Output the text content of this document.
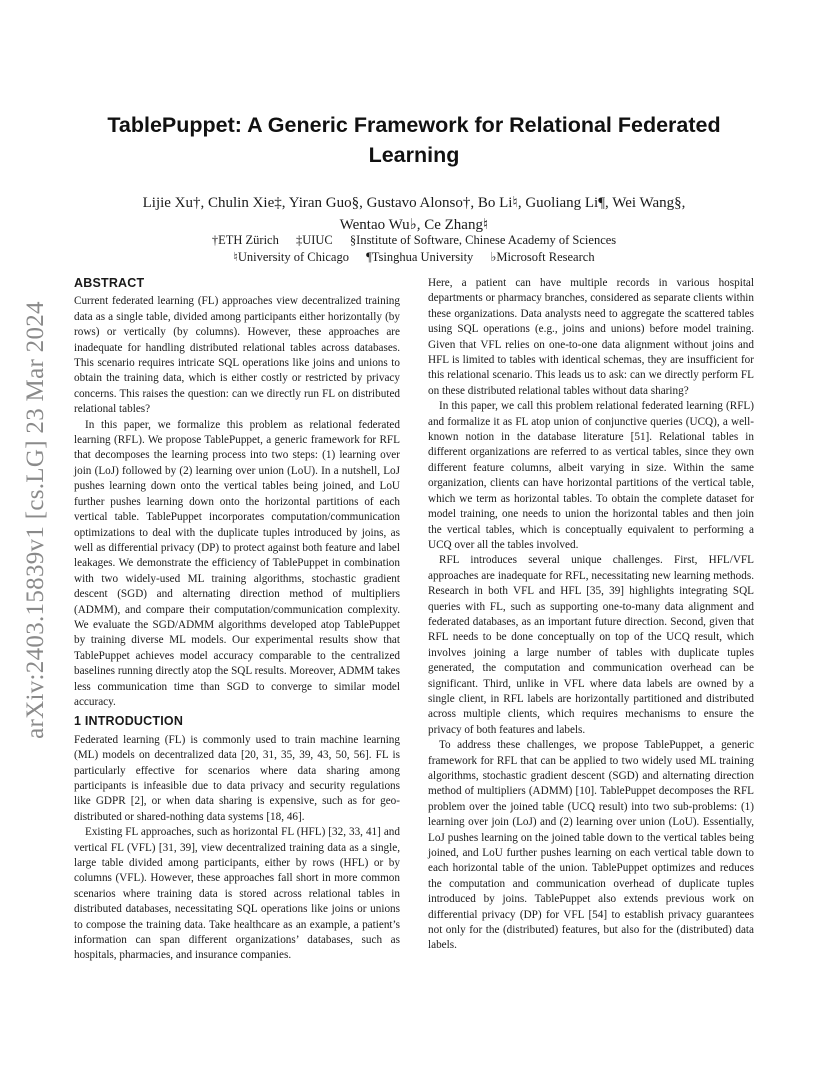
arXiv:2403.15839v1 [cs.LG] 23 Mar 2024
TablePuppet: A Generic Framework for Relational Federated Learning
Lijie Xu†, Chulin Xie‡, Yiran Guo§, Gustavo Alonso†, Bo Li♮, Guoliang Li¶, Wei Wang§,
Wentao Wu♭, Ce Zhang♮
†ETH Zürich ‡UIUC §Institute of Software, Chinese Academy of Sciences
♮University of Chicago ¶Tsinghua University ♭Microsoft Research
ABSTRACT

Current federated learning (FL) approaches view decentralized training data as a single table, divided among participants either horizontally (by rows) or vertically (by columns). However, these approaches are inadequate for handling distributed relational tables across databases. This scenario requires intricate SQL operations like joins and unions to obtain the training data, which is either costly or restricted by privacy concerns. This raises the question: can we directly run FL on distributed relational tables?

In this paper, we formalize this problem as relational federated learning (RFL). We propose TablePuppet, a generic framework for RFL that decomposes the learning process into two steps: (1) learning over join (LoJ) followed by (2) learning over union (LoU). In a nutshell, LoJ pushes learning down onto the vertical tables being joined, and LoU further pushes learning down onto the horizontal partitions of each vertical table. TablePuppet incorporates computation/communication optimizations to deal with the duplicate tuples introduced by joins, as well as differential privacy (DP) to protect against both feature and label leakages. We demonstrate the efficiency of TablePuppet in combination with two widely-used ML training algorithms, stochastic gradient descent (SGD) and alternating direction method of multipliers (ADMM), and compare their computation/communication complexity. We evaluate the SGD/ADMM algorithms developed atop TablePuppet by training diverse ML models. Our experimental results show that TablePuppet achieves model accuracy comparable to the centralized baselines running directly atop the SQL results. Moreover, ADMM takes less communication time than SGD to converge to similar model accuracy.

1 INTRODUCTION

Federated learning (FL) is commonly used to train machine learning (ML) models on decentralized data [20, 31, 35, 39, 43, 50, 56]. FL is particularly effective for scenarios where data sharing among participants is infeasible due to data privacy and security regulations like GDPR [2], or when data sharing is expensive, such as for geo-distributed or shared-nothing data systems [18, 46].

Existing FL approaches, such as horizontal FL (HFL) [32, 33, 41] and vertical FL (VFL) [31, 39], view decentralized training data as a single, large table divided among participants, either by rows (HFL) or by columns (VFL). However, these approaches fall short in more common scenarios where training data is stored across relational tables in distributed databases, necessitating SQL operations like joins or unions to compose the training data. Take healthcare as an example, a patient’s information can span different organizations’ databases, such as hospitals, pharmacies, and insurance companies.

Here, a patient can have multiple records in various hospital departments or pharmacy branches, considered as separate clients within these organizations. Data analysts need to aggregate the scattered tables using SQL operations (e.g., joins and unions) before model training. Given that VFL relies on one-to-one data alignment without joins and HFL is limited to tables with identical schemas, they are insufficient for this relational scenario. This leads us to ask: can we directly perform FL on these distributed relational tables without data sharing?

In this paper, we call this problem relational federated learning (RFL) and formalize it as FL atop union of conjunctive queries (UCQ), a well-known notion in the database literature [51]. Relational tables in different organizations are referred to as vertical tables, since they own different feature columns, albeit varying in size. Within the same organization, clients can have horizontal partitions of the vertical table, which we term as horizontal tables. To obtain the complete dataset for model training, one needs to union the horizontal tables and then join the vertical tables, which is conceptually equivalent to performing a UCQ over all the tables involved.

RFL introduces several unique challenges. First, HFL/VFL approaches are inadequate for RFL, necessitating new learning methods. Research in both VFL and HFL [35, 39] highlights integrating SQL queries with FL, such as supporting one-to-many data alignment and federated databases, as an important future direction. Second, given that RFL needs to be done conceptually on top of the UCQ result, which involves joining a large number of tables with duplicate tuples generated, the computation and communication overhead can be significant. Third, unlike in VFL where data labels are owned by a single client, in RFL labels are horizontally partitioned and distributed across multiple clients, which requires mechanisms to ensure the privacy of both features and labels.

To address these challenges, we propose TablePuppet, a generic framework for RFL that can be applied to two widely used ML training algorithms, stochastic gradient descent (SGD) and alternating direction method of multipliers (ADMM) [10]. TablePuppet decomposes the RFL problem over the joined table (UCQ result) into two sub-problems: (1) learning over join (LoJ) and (2) learning over union (LoU). Essentially, LoJ pushes learning on the joined table down to the vertical tables being joined, and LoU further pushes learning on each vertical table down to each horizontal table of the union. TablePuppet optimizes and reduces the computation and communication overhead of duplicate tuples introduced by joins. TablePuppet also extends previous work on differential privacy (DP) for VFL [54] to establish privacy guarantees not only for the (distributed) features, but also for the (distributed) data labels.
